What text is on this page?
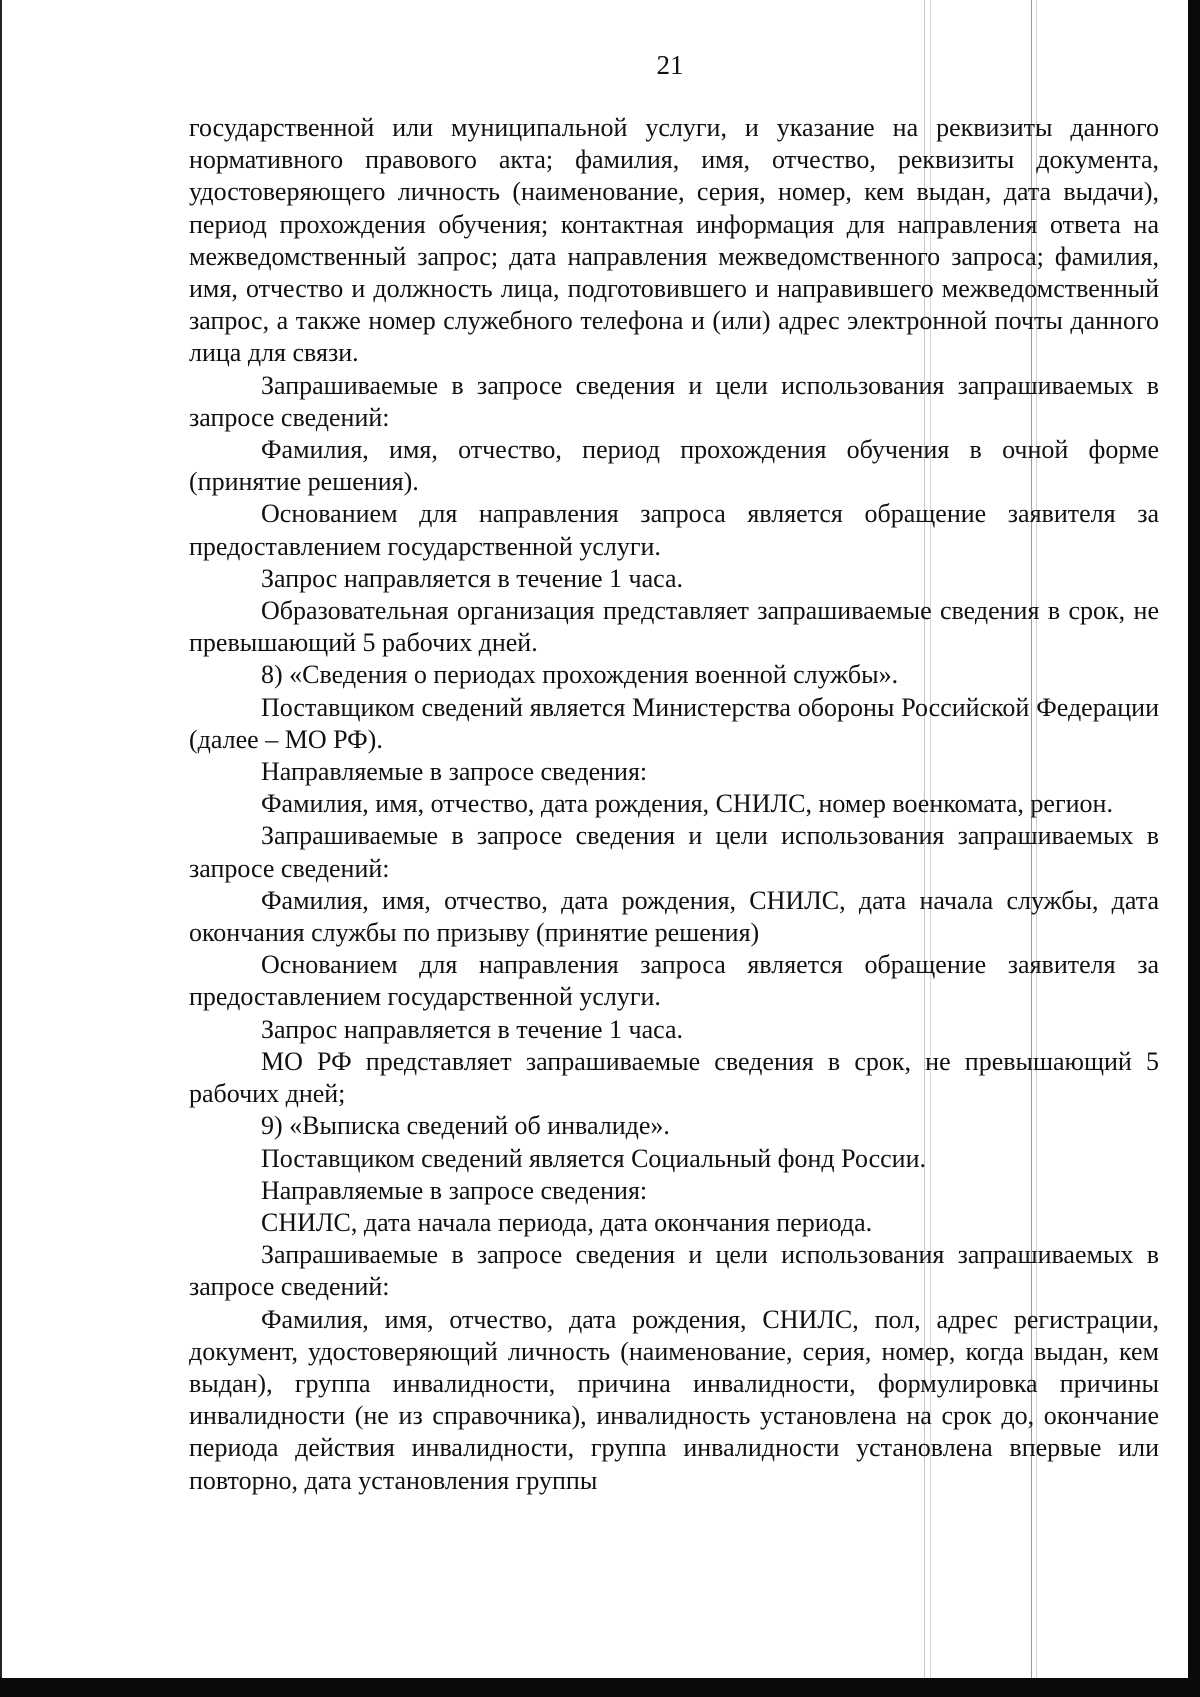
21

государственной или муниципальной услуги, и указание на реквизиты данного нормативного правового акта; фамилия, имя, отчество, реквизиты документа, удостоверяющего личность (наименование, серия, номер, кем выдан, дата выдачи), период прохождения обучения; контактная информация для направления ответа на межведомственный запрос; дата направления межведомственного запроса; фамилия, имя, отчество и должность лица, подготовившего и направившего межведомственный запрос, а также номер служебного телефона и (или) адрес электронной почты данного лица для связи.

Запрашиваемые в запросе сведения и цели использования запрашиваемых в запросе сведений:

Фамилия, имя, отчество, период прохождения обучения в очной форме (принятие решения).

Основанием для направления запроса является обращение заявителя за предоставлением государственной услуги.

Запрос направляется в течение 1 часа.

Образовательная организация представляет запрашиваемые сведения в срок, не превышающий 5 рабочих дней.

8) «Сведения о периодах прохождения военной службы».

Поставщиком сведений является Министерства обороны Российской Федерации (далее – МО РФ).

Направляемые в запросе сведения:

Фамилия, имя, отчество, дата рождения, СНИЛС, номер военкомата, регион.

Запрашиваемые в запросе сведения и цели использования запрашиваемых в запросе сведений:

Фамилия, имя, отчество, дата рождения, СНИЛС, дата начала службы, дата окончания службы по призыву (принятие решения)

Основанием для направления запроса является обращение заявителя за предоставлением государственной услуги.

Запрос направляется в течение 1 часа.

МО РФ представляет запрашиваемые сведения в срок, не превышающий 5 рабочих дней;

9) «Выписка сведений об инвалиде».

Поставщиком сведений является Социальный фонд России.

Направляемые в запросе сведения:

СНИЛС, дата начала периода, дата окончания периода.

Запрашиваемые в запросе сведения и цели использования запрашиваемых в запросе сведений:

Фамилия, имя, отчество, дата рождения, СНИЛС, пол, адрес регистрации, документ, удостоверяющий личность (наименование, серия, номер, когда выдан, кем выдан), группа инвалидности, причина инвалидности, формулировка причины инвалидности (не из справочника), инвалидность установлена на срок до, окончание периода действия инвалидности, группа инвалидности установлена впервые или повторно, дата установления группы
